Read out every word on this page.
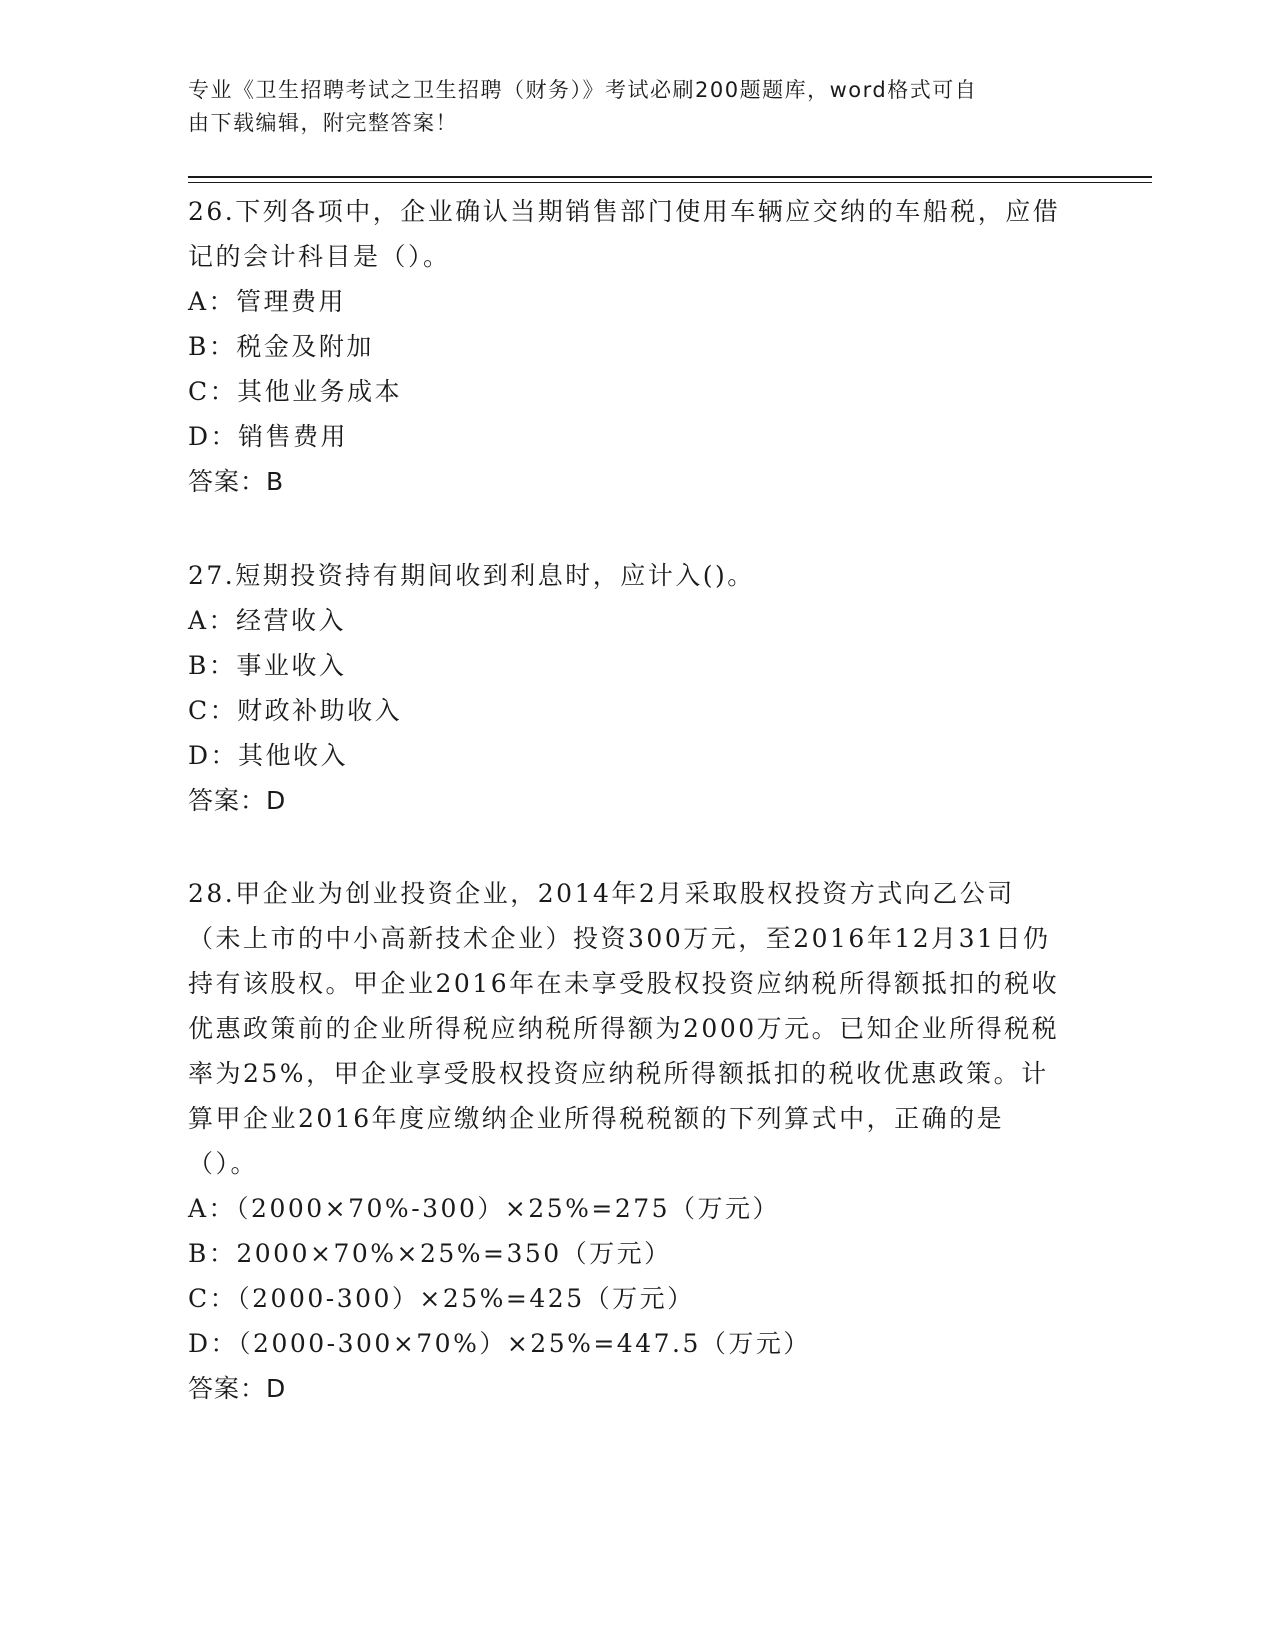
专业《卫生招聘考试之卫生招聘（财务）》考试必刷200题题库，word格式可自
由下载编辑，附完整答案！

26.下列各项中，企业确认当期销售部门使用车辆应交纳的车船税，应借记的会计科目是（）。

A：管理费用

B：税金及附加

C：其他业务成本

D：销售费用

答案：B

27.短期投资持有期间收到利息时，应计入()。

A：经营收入

B：事业收入

C：财政补助收入

D：其他收入

答案：D

28.甲企业为创业投资企业，2014年2月采取股权投资方式向乙公司（未上市的中小高新技术企业）投资300万元，至2016年12月31日仍持有该股权。甲企业2016年在未享受股权投资应纳税所得额抵扣的税收优惠政策前的企业所得税应纳税所得额为2000万元。已知企业所得税税率为25%，甲企业享受股权投资应纳税所得额抵扣的税收优惠政策。计算甲企业2016年度应缴纳企业所得税税额的下列算式中，正确的是（）。

A：（2000×70%-300）×25%=275（万元）

B：2000×70%×25%=350（万元）

C：（2000-300）×25%=425（万元）

D：（2000-300×70%）×25%=447.5（万元）

答案：D
